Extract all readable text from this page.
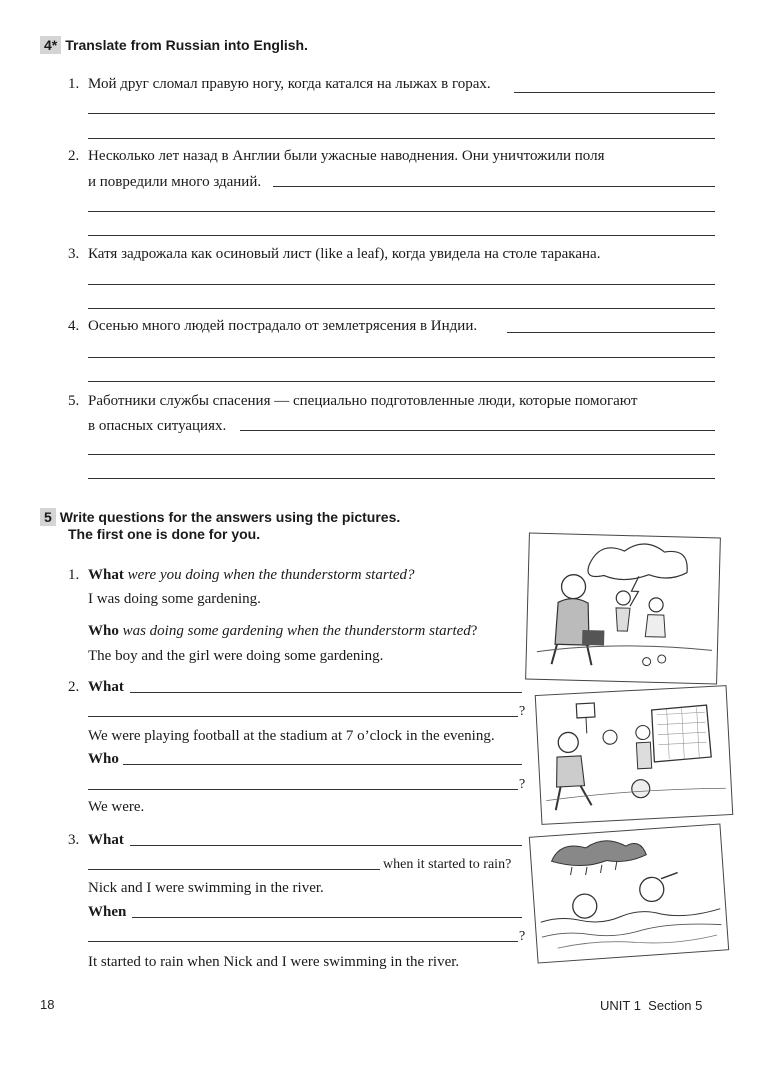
4* Translate from Russian into English.
1. Мой друг сломал правую ногу, когда катался на лыжах в горах.
2. Несколько лет назад в Англии были ужасные наводнения. Они уничтожили поля
и повредили много зданий.
3. Катя задрожала как осиновый лист (like a leaf), когда увидела на столе таракана.
4. Осенью много людей пострадало от землетрясения в Индии.
5. Работники службы спасения — специально подготовленные люди, которые помогают
в опасных ситуациях.
5 Write questions for the answers using the pictures.
The first one is done for you.
1. What were you doing when the thunderstorm started?
I was doing some gardening.
Who was doing some gardening when the thunderstorm started?
The boy and the girl were doing some gardening.
2. What
?
We were playing football at the stadium at 7 o’clock in the evening.
Who
?
We were.
3. What
when it started to rain?
Nick and I were swimming in the river.
When
?
It started to rain when Nick and I were swimming in the river.
18	UNIT 1 Section 5
